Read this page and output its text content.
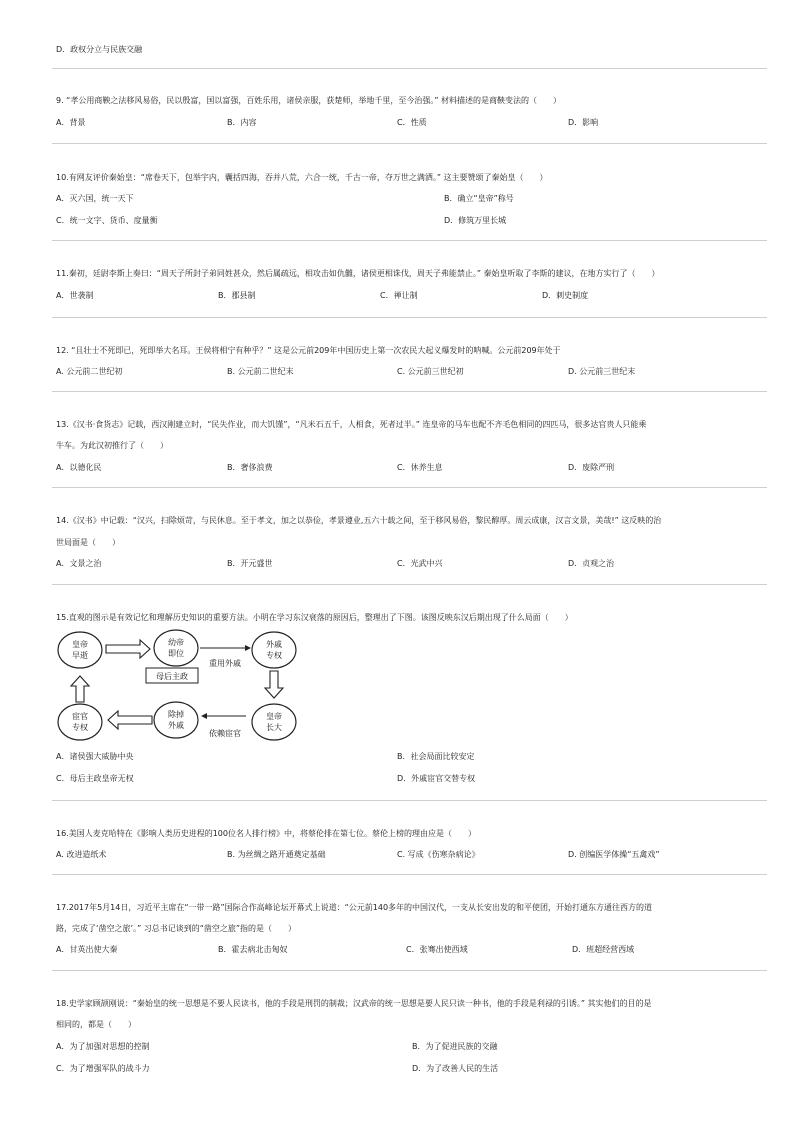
D．政权分立与民族交融
9. “孝公用商鞅之法移风易俗，民以殷富，国以富强，百姓乐用，诸侯亲服，获楚师，举地千里，至今治强。” 材料描述的是商鞅变法的（　　）
A．背景	B．内容	C．性质	D．影响
10.有网友评价秦始皇：“席卷天下，包举宇内，囊括四海，吞并八荒，六合一统，千古一帝，夺万世之满洒。” 这主要赞颂了秦始皇（　　）
A．灭六国，统一天下	B．确立“皇帝”称号
C．统一文字、货币、度量衡	D．修筑万里长城
11.秦初，廷尉李斯上奏曰：“周天子所封子弟同姓甚众，然后属疏远，相攻击如仇雠，诸侯更相诛伐，周天子弗能禁止。” 秦始皇听取了李斯的建议，在地方实行了（　　）
A．世袭制	B．郡县制	C．禅让制	D．刺史制度
12. “且壮士不死即已，死即举大名耳。王侯将相宁有种乎？” 这是公元前209年中国历史上第一次农民大起义爆发时的呐喊。公元前209年处于
A. 公元前二世纪初	B. 公元前二世纪末	C. 公元前三世纪初	D. 公元前三世纪末
13.《汉书·食货志》记载，西汉刚建立时，“民失作业，而大饥馑”，“凡米石五千，人相食，死者过半。” 连皇帝的马车也配不齐毛色相同的四匹马，很多达官贵人只能乘
牛车。为此汉初推行了（　　）
A．以德化民	B．奢侈浪费	C．休养生息	D．废除严刑
14.《汉书》中记载：“汉兴，扫除烦苛，与民休息。至于孝文，加之以恭俭，孝景遵业,五六十载之间，至于移风易俗，黎民醇厚。周云成康，汉言文景，美哉!” 这反映的治
世局面是（　　）
A．文景之治	B．开元盛世	C．光武中兴	D．贞观之治
15.直观的图示是有效记忆和理解历史知识的重要方法。小明在学习东汉衰落的原因后，整理出了下图。该图反映东汉后期出现了什么局面（　　）
皇帝
早逝
幼帝
即位
母后主政
外戚
专权
重用外戚
皇帝
长大
依赖宦官
除掉
外戚
宦官
专权
A．诸侯强大威胁中央	B．社会局面比较安定
C．母后主政皇帝无权	D．外戚宦官交替专权
16.美国人麦克哈特在《影响人类历史进程的100位名人排行榜》中，将蔡伦排在第七位。蔡伦上榜的理由应是（　　）
A. 改进造纸术	B. 为丝绸之路开通奠定基础	C. 写成《伤寒杂病论》	D. 创编医学体操“五禽戏”
17.2017年5月14日，习近平主席在“一带一路”国际合作高峰论坛开幕式上说道：“公元前140多年的中国汉代，一支从长安出发的和平使团，开始打通东方通往西方的道
路，完成了‘凿空之旅’。” 习总书记谈到的“凿空之旅”指的是（　　）
A．甘英出使大秦	B．霍去病北击匈奴	C．张骞出使西域	D．班超经营西域
18.史学家顾颉刚说：“秦始皇的统一思想是不要人民读书，他的手段是刑罚的制裁；汉武帝的统一思想是要人民只读一种书，他的手段是利禄的引诱。” 其实他们的目的是
相同的，都是（　　）
A．为了加强对思想的控制	B．为了促进民族的交融
C．为了增强军队的战斗力	D．为了改善人民的生活
